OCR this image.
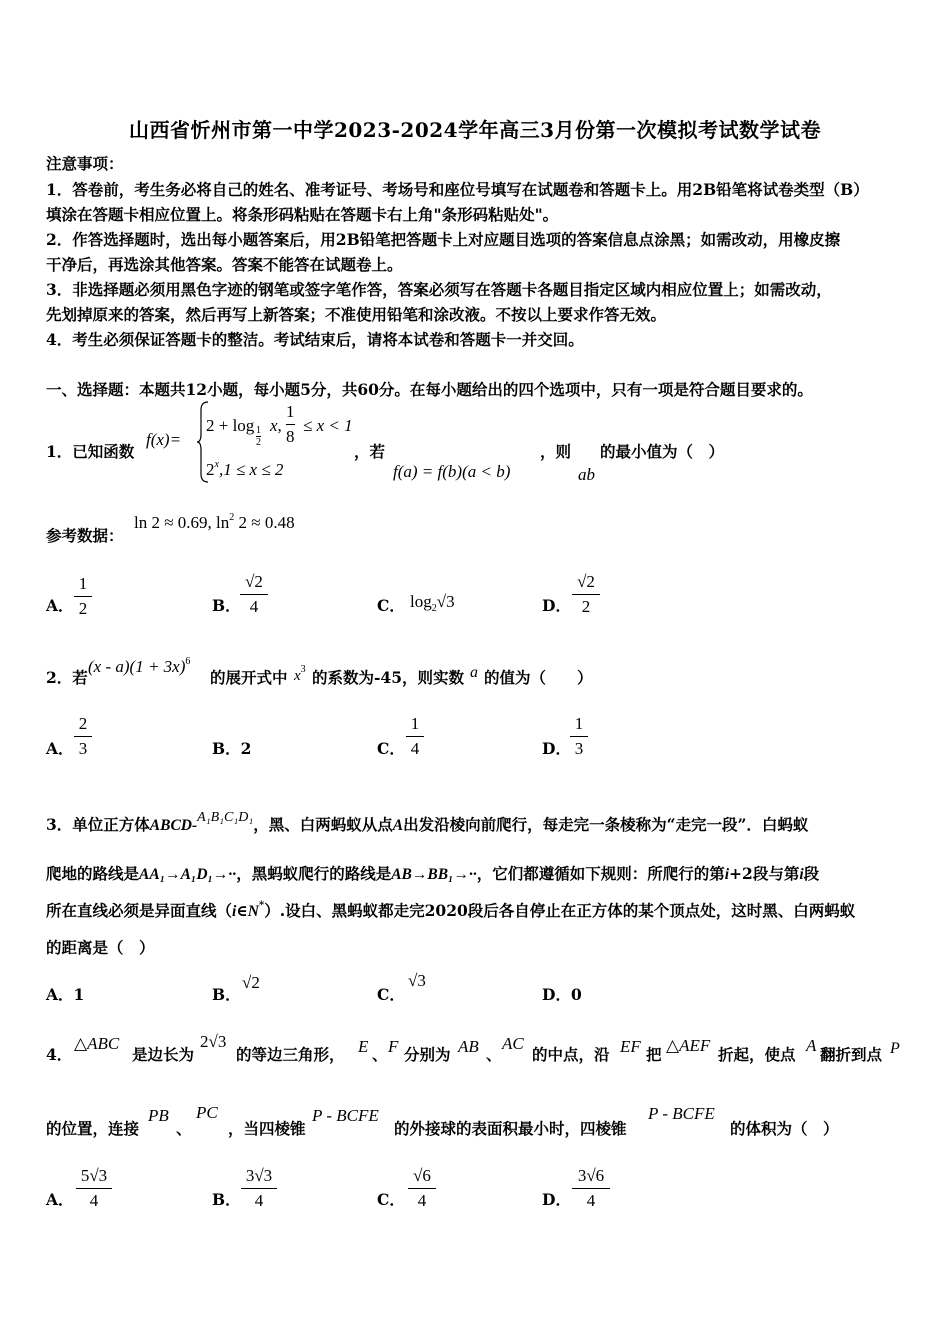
山西省忻州市第一中学2023-2024学年高三3月份第一次模拟考试数学试卷
注意事项：
1．答卷前，考生务必将自己的姓名、准考证号、考场号和座位号填写在试题卷和答题卡上。用2B铅笔将试卷类型（B）
填涂在答题卡相应位置上。将条形码粘贴在答题卡右上角"条形码粘贴处"。
2．作答选择题时，选出每小题答案后，用2B铅笔把答题卡上对应题目选项的答案信息点涂黑；如需改动，用橡皮擦
干净后，再选涂其他答案。答案不能答在试题卷上。
3．非选择题必须用黑色字迹的钢笔或签字笔作答，答案必须写在答题卡各题目指定区域内相应位置上；如需改动，
先划掉原来的答案，然后再写上新答案；不准使用铅笔和涂改液。不按以上要求作答无效。
4．考生必须保证答题卡的整洁。考试结束后，请将本试卷和答题卡一并交回。
一、选择题：本题共12小题，每小题5分，共60分。在每小题给出的四个选项中，只有一项是符合题目要求的。
1．已知函数
f(x)=
2 + log 1
2
x,
1
8
≤ x < 1
$2^x,1 \le x \le 2$
，若
f(a) = f(b)(a < b)
，则
ab
的最小值为（　）
参考数据：
ln 2 ≈ 0.69, $\ln^2 2 \approx 0.48$
A．
1
2	B．
√2
4	C． $\log_2√3$	D．
√2
2
2．若
$(x - a)(1 + 3x)^6$
的展开式中 $x^3$ 的系数为-45，则实数 a 的值为（　　）
A．
2
3	B．2	C．
1
4	D．
1
3
3．单位正方体ABCD-A₁B₁C₁D₁，黑、白两蚂蚁从点A出发沿棱向前爬行，每走完一条棱称为“走完一段”．白蚂蚁
爬地的路线是AA₁→A₁D₁→··，黑蚂蚁爬行的路线是AB→BB₁→··，它们都遵循如下规则：所爬行的第i+2段与第i段
所在直线必须是异面直线（i∈N*）.设白、黑蚂蚁都走完2020段后各自停止在正方体的某个顶点处，这时黑、白两蚂蚁
的距离是（　）
A．1	B．
√2
C．
√3
D．0
4．
△ABC
是边长为
2√3
的等边三角形， E 、 F 分别为 AB 、
AC
的中点，沿 EF 把 △AEF 折起，使点 A 翻折到点 P
的位置，连接
PB
、
PC
，当四棱锥
P - BCFE
的外接球的表面积最小时，四棱锥
P - BCFE
的体积为（　）
A．
5√3
4	B．
3√3
4	C．
√6
4	D．
3√6
4
